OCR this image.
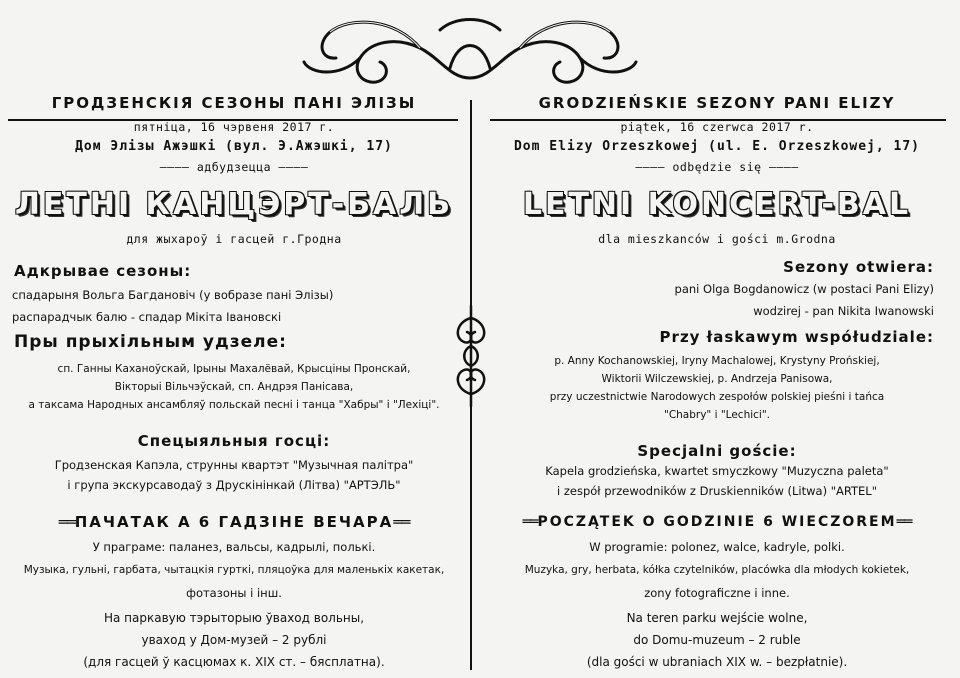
ГРОДЗЕНСКІЯ СЕЗОНЫ ПАНІ ЭЛІЗЫ
пятніца, 16 чэрвеня 2017 г.
Дом Элізы Ажэшкі (вул. Э.Ажэшкі, 17)
———— адбудзецца ————
ЛЕТНІ КАНЦЭРТ-БАЛЬ
для жыхароў і гасцей г.Гродна
Адкрывае сезоны:
спадарыня Вольга Багдановіч (у вобразе пані Элізы)
распарадчык балю - спадар Мікіта Івановскі
Пры прыхільным удзеле:
сп. Ганны Каханоўскай, Ірыны Махалёвай, Крысціны Пронскай,
Вікторыі Вільчэўскай, сп. Андрэя Панісава,
а таксама Народных ансамбляў польскай песні і танца "Хабры" і "Лехіці".
Спецыяльныя госці:
Гродзенская Капэла, струнны квартэт "Музычная палітра"
і група экскурсаводаў з Друскінінкай (Літва) "АРТЭЛЬ"
══ПАЧАТАК А 6 ГАДЗІНЕ ВЕЧАРА══
У праграме: паланез, вальсы, кадрылі, полькі.
Музыка, гульні, гарбата, чытацкія гурткі, пляцоўка для маленькіх какетак,
фотазоны і інш.
На паркавую тэрыторыю ўваход вольны,
уваход у Дом-музей – 2 рублі
(для гасцей ў касцюмах к. XIX ст. – бясплатна).
GRODZIEŃSKIE SEZONY PANI ELIZY
piątek, 16 czerwca 2017 r.
Dom Elizy Orzeszkowej (ul. E. Orzeszkowej, 17)
———— odbędzie się ————
LETNI KONCERT-BAL
dla mieszkanców i gości m.Grodna
Sezony otwiera:
pani Olga Bogdanowicz (w postaci Pani Elizy)
wodzirej - pan Nikita Iwanowski
Przy łaskawym współudziale:
p. Anny Kochanowskiej, Iryny Machalowej, Krystyny Prońskiej,
Wiktorii Wilczewskiej, p. Andrzeja Panisowa,
przy uczestnictwie Narodowych zespołów polskiej pieśni i tańca
"Chabry" i "Lechici".
Specjalni goście:
Kapela grodzieńska, kwartet smyczkowy "Muzyczna paleta"
i zespół przewodników z Druskienników (Litwa) "ARTEL"
══POCZĄTEK O GODZINIE 6 WIECZOREM══
W programie: polonez, walce, kadryle, polki.
Muzyka, gry, herbata, kółka czytelników, placówka dla młodych kokietek,
zony fotograficzne i inne.
Na teren parku wejście wolne,
do Domu-muzeum – 2 ruble
(dla gości w ubraniach XIX w. – bezpłatnie).
